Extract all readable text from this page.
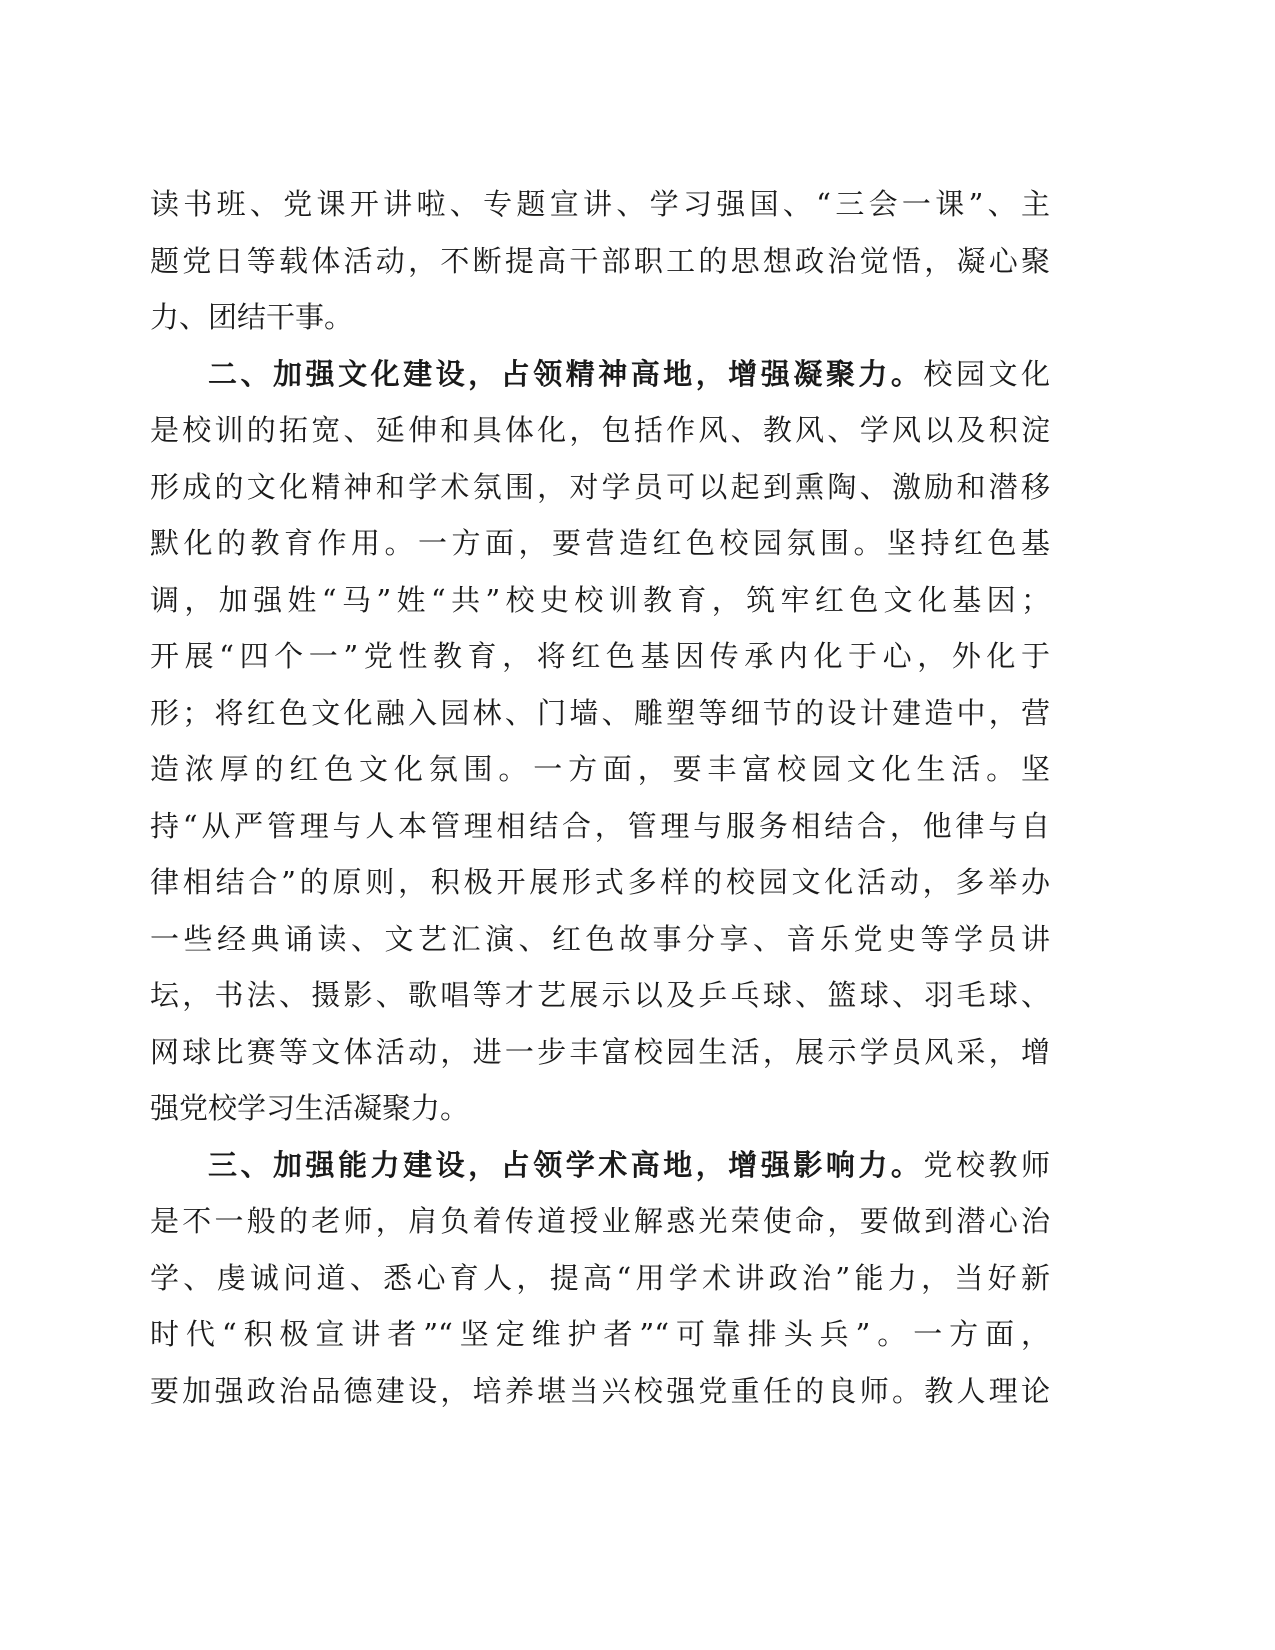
读书班、党课开讲啦、专题宣讲、学习强国、“三会一课”、主
题党日等载体活动，不断提高干部职工的思想政治觉悟，凝心聚
力、团结干事。
二、加强文化建设，占领精神高地，增强凝聚力。校园文化
是校训的拓宽、延伸和具体化，包括作风、教风、学风以及积淀
形成的文化精神和学术氛围，对学员可以起到熏陶、激励和潜移
默化的教育作用。一方面，要营造红色校园氛围。坚持红色基
调，加强姓“马”姓“共”校史校训教育，筑牢红色文化基因；
开展“四个一”党性教育，将红色基因传承内化于心，外化于
形；将红色文化融入园林、门墙、雕塑等细节的设计建造中，营
造浓厚的红色文化氛围。一方面，要丰富校园文化生活。坚
持“从严管理与人本管理相结合，管理与服务相结合，他律与自
律相结合”的原则，积极开展形式多样的校园文化活动，多举办
一些经典诵读、文艺汇演、红色故事分享、音乐党史等学员讲
坛，书法、摄影、歌唱等才艺展示以及乒乓球、篮球、羽毛球、
网球比赛等文体活动，进一步丰富校园生活，展示学员风采，增
强党校学习生活凝聚力。
三、加强能力建设，占领学术高地，增强影响力。党校教师
是不一般的老师，肩负着传道授业解惑光荣使命，要做到潜心治
学、虔诚问道、悉心育人，提高“用学术讲政治”能力，当好新
时代“积极宣讲者”“坚定维护者”“可靠排头兵”。一方面，
要加强政治品德建设，培养堪当兴校强党重任的良师。教人理论
